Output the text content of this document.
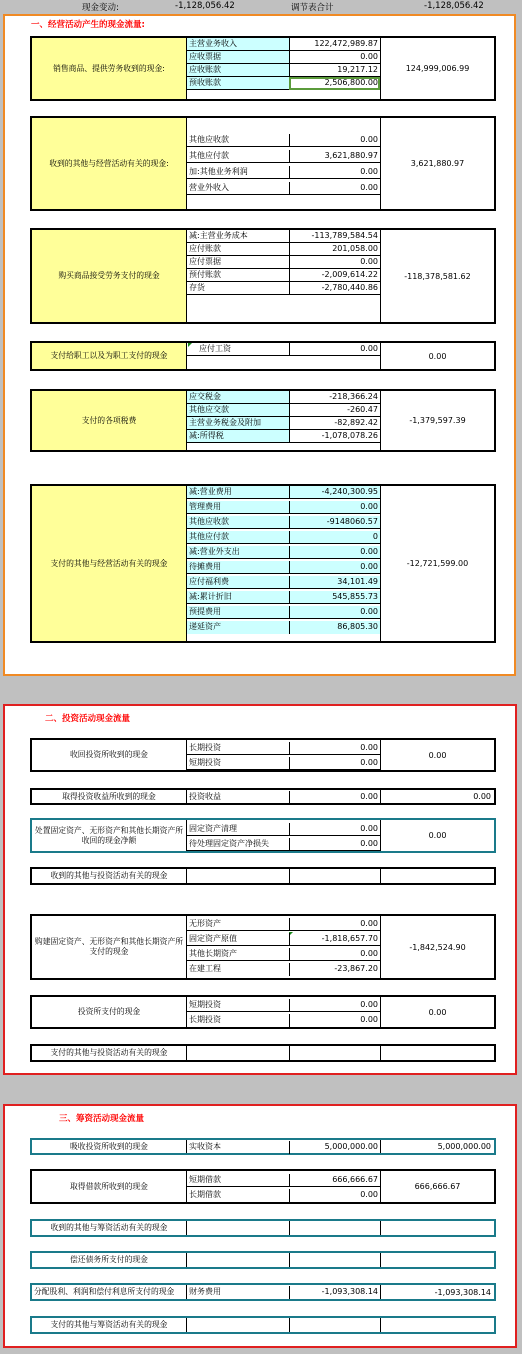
现金变动:	-1,128,056.42	调节表合计	-1,128,056.42
一、经营活动产生的现金流量:
销售商品、提供劳务收到的现金:
主营业务收入	122,472,989.87
应收票据	0.00
应收账款	19,217.12
预收账款	2,506,800.00
124,999,006.99
收到的其他与经营活动有关的现金:
其他应收款	0.00
其他应付款	3,621,880.97
加:其他业务利润	0.00
营业外收入	0.00
3,621,880.97
购买商品接受劳务支付的现金
减:主营业务成本	-113,789,584.54
应付账款	201,058.00
应付票据	0.00
预付账款	-2,009,614.22
存货	-2,780,440.86
-118,378,581.62
支付给职工以及为职工支付的现金
应付工资	0.00
0.00
支付的各项税费
应交税金	-218,366.24
其他应交款	-260.47
主营业务税金及附加	-82,892.42
减:所得税	-1,078,078.26
-1,379,597.39
支付的其他与经营活动有关的现金
减:营业费用	-4,240,300.95
管理费用	0.00
其他应收款	-9148060.57
其他应付款	0
减:营业外支出	0.00
待摊费用	0.00
应付福利费	34,101.49
减:累计折旧	545,855.73
预提费用	0.00
递延资产	86,805.30
-12,721,599.00
二、投资活动现金流量
收回投资所收到的现金
长期投资	0.00
短期投资	0.00
0.00
取得投资收益所收到的现金	投资收益	0.00	0.00
处置固定资产、无形资产和其他长期资产所收回的现金净额
固定资产清理	0.00
待处理固定资产净损失	0.00
0.00
收到的其他与投资活动有关的现金
购建固定资产、无形资产和其他长期资产所支付的现金
无形资产	0.00
固定资产原值	-1,818,657.70
其他长期资产	0.00
在建工程	-23,867.20
-1,842,524.90
投资所支付的现金
短期投资	0.00
长期投资	0.00
0.00
支付的其他与投资活动有关的现金
三、筹资活动现金流量
吸收投资所收到的现金	实收资本	5,000,000.00	5,000,000.00
取得借款所收到的现金
短期借款	666,666.67
长期借款	0.00
666,666.67
收到的其他与筹资活动有关的现金
偿还债务所支付的现金
分配股利、利润和偿付利息所支付的现金	财务费用	-1,093,308.14	-1,093,308.14
支付的其他与筹资活动有关的现金
